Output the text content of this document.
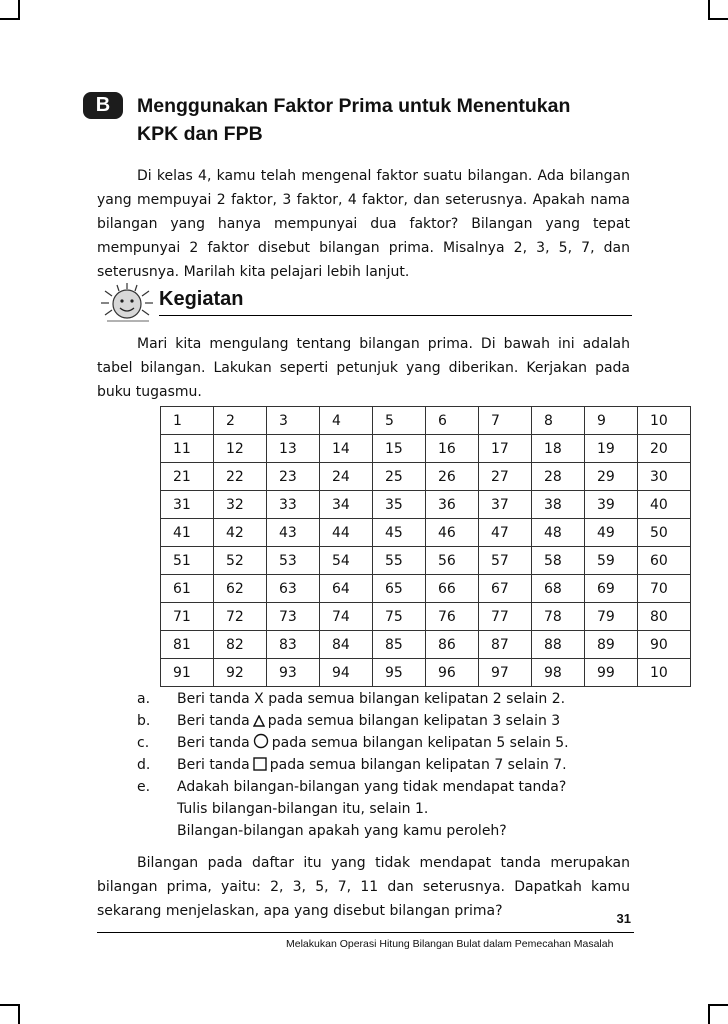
B	Menggunakan Faktor Prima untuk Menentukan
KPK dan FPB
Di kelas 4, kamu telah mengenal faktor suatu bilangan. Ada bilangan yang mempuyai 2 faktor, 3 faktor, 4 faktor, dan seterusnya. Apakah nama bilangan yang hanya mempunyai dua faktor? Bilangan yang tepat mempunyai 2 faktor disebut bilangan prima. Misalnya 2, 3, 5, 7, dan seterusnya. Marilah kita pelajari lebih lanjut.
Kegiatan
Mari kita mengulang tentang bilangan prima. Di bawah ini adalah tabel bilangan. Lakukan seperti petunjuk yang diberikan. Kerjakan pada buku tugasmu.
1	2	3	4	5	6	7	8	9	10
11	12	13	14	15	16	17	18	19	20
21	22	23	24	25	26	27	28	29	30
31	32	33	34	35	36	37	38	39	40
41	42	43	44	45	46	47	48	49	50
51	52	53	54	55	56	57	58	59	60
61	62	63	64	65	66	67	68	69	70
71	72	73	74	75	76	77	78	79	80
81	82	83	84	85	86	87	88	89	90
91	92	93	94	95	96	97	98	99	10
a. Beri tanda X pada semua bilangan kelipatan 2 selain 2.
b. Beri tanda pada semua bilangan kelipatan 3 selain 3
c. Beri tanda pada semua bilangan kelipatan 5 selain 5.
d. Beri tanda pada semua bilangan kelipatan 7 selain 7.
e. Adakah bilangan-bilangan yang tidak mendapat tanda?
Tulis bilangan-bilangan itu, selain 1.
Bilangan-bilangan apakah yang kamu peroleh?
Bilangan pada daftar itu yang tidak mendapat tanda merupakan bilangan prima, yaitu: 2, 3, 5, 7, 11 dan seterusnya. Dapatkah kamu sekarang menjelaskan, apa yang disebut bilangan prima?	31
Melakukan Operasi Hitung Bilangan Bulat dalam Pemecahan Masalah
